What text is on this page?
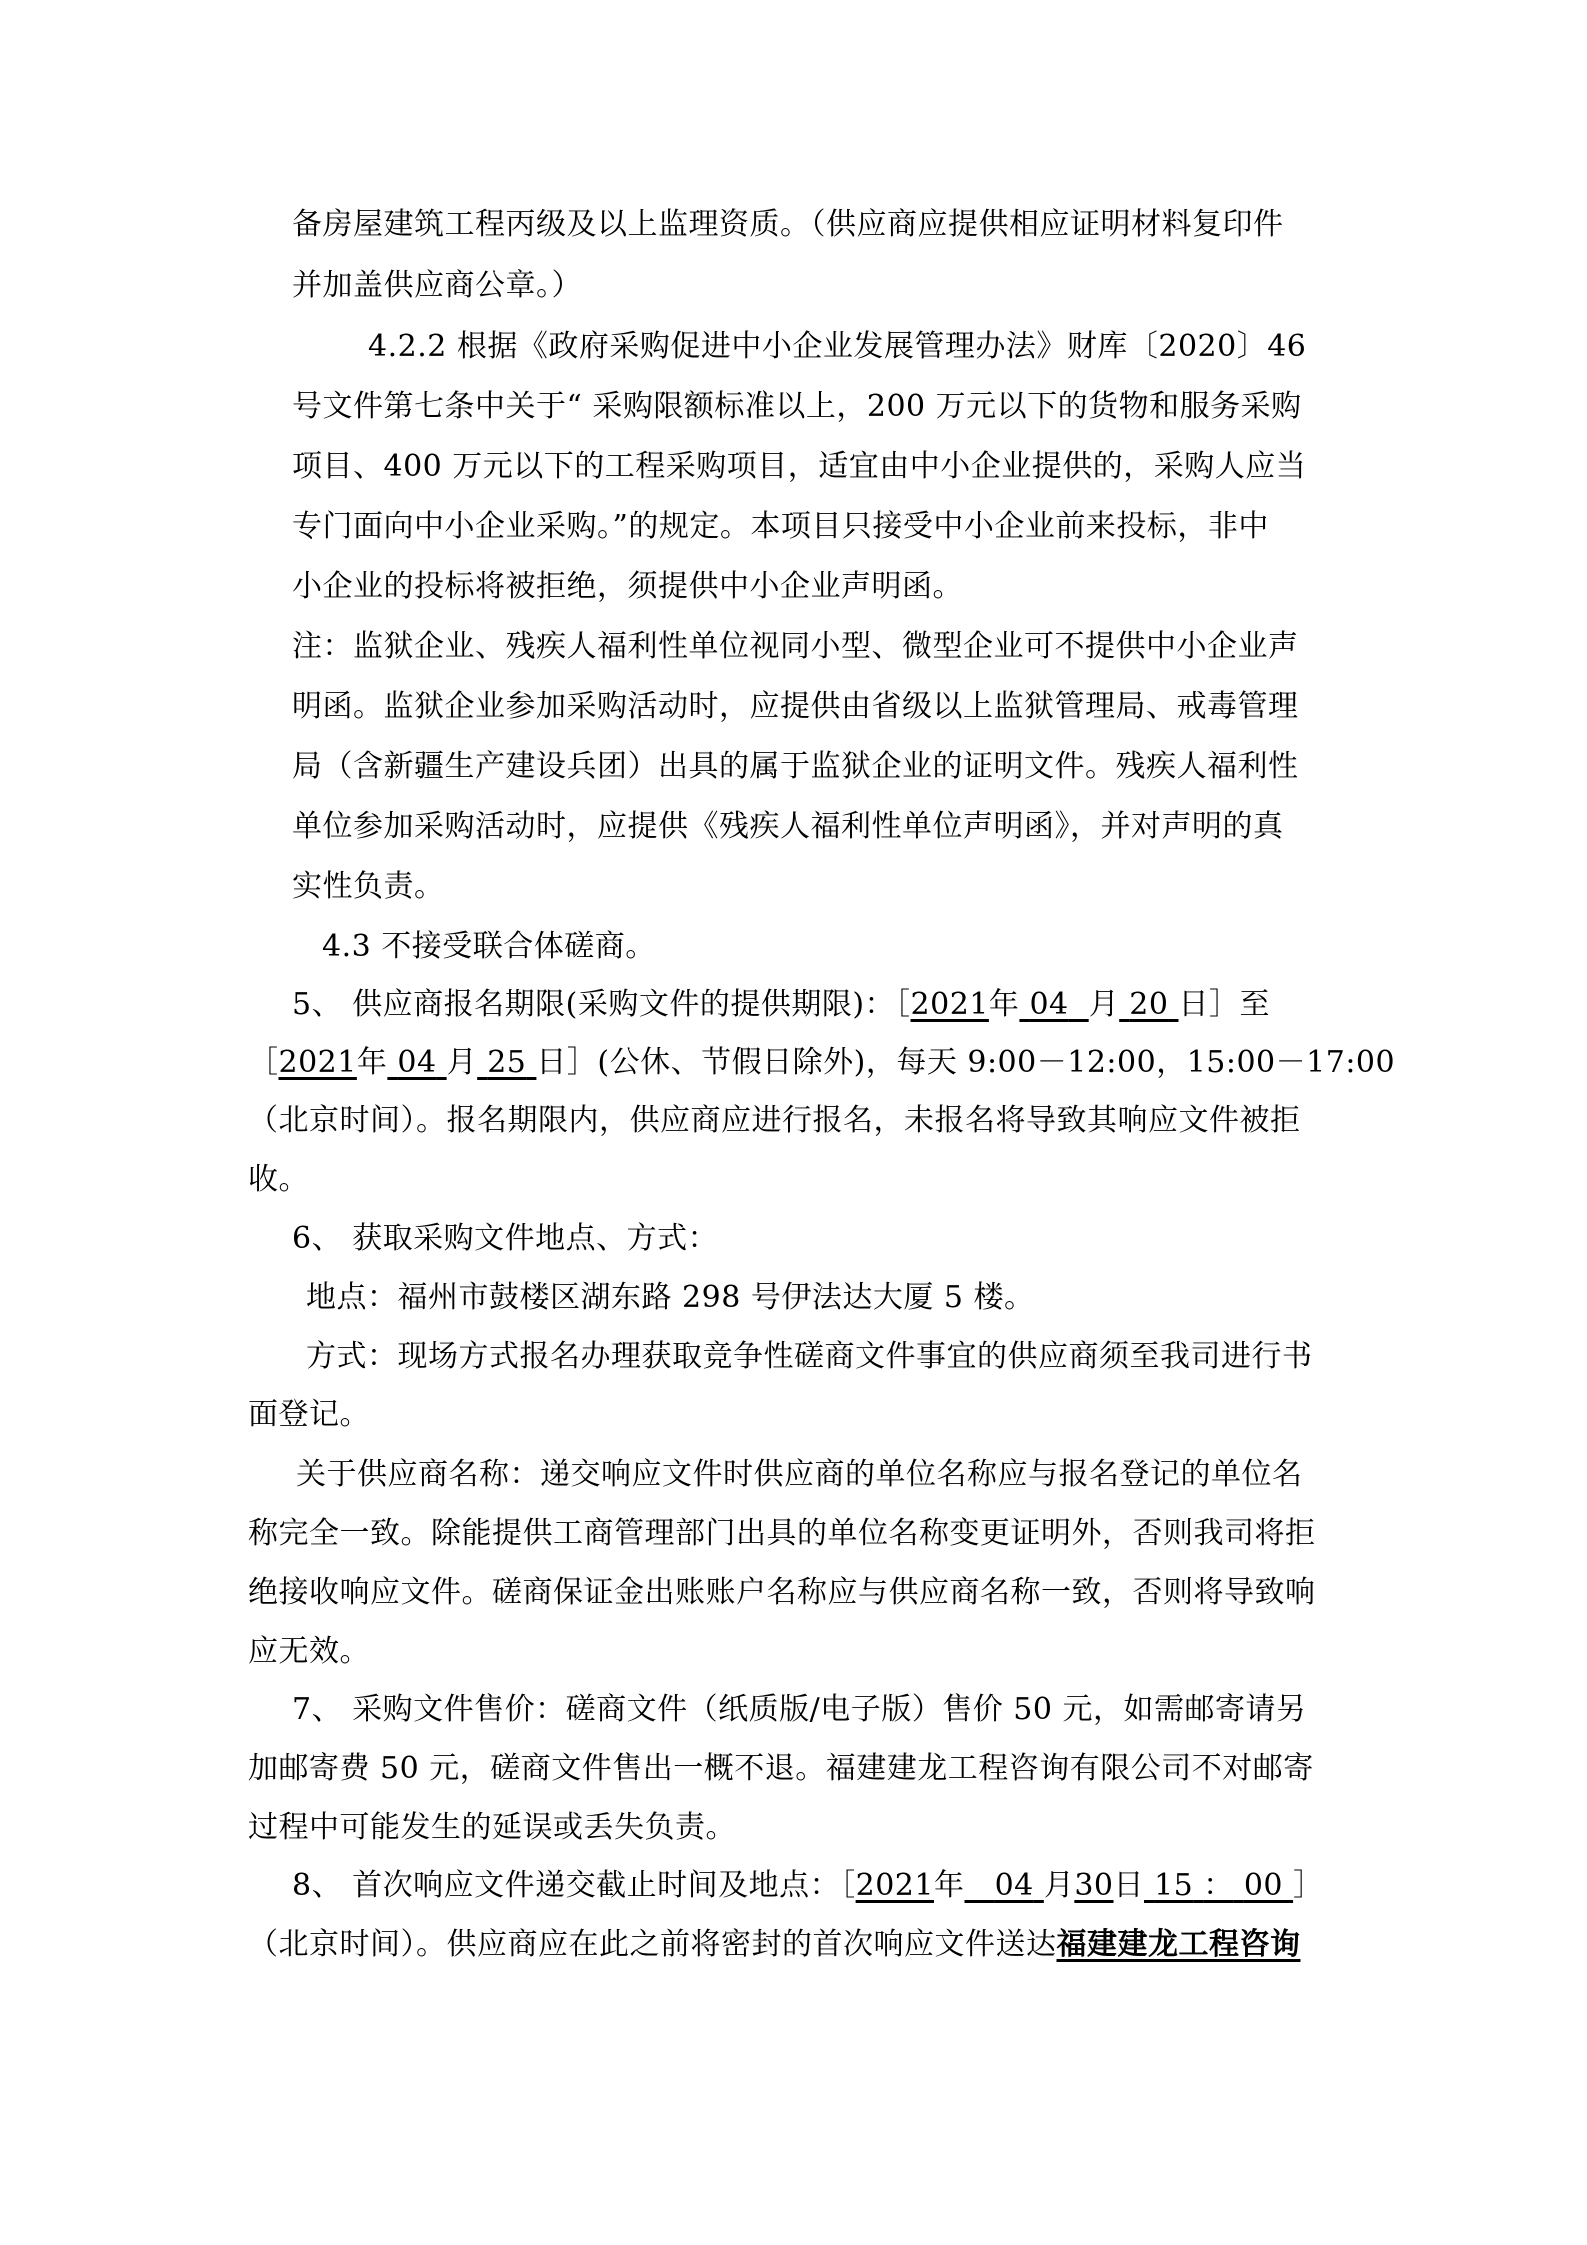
备房屋建筑工程丙级及以上监理资质。（供应商应提供相应证明材料复印件

并加盖供应商公章。）

4.2.2 根据《政府采购促进中小企业发展管理办法》财库〔2020〕46

号文件第七条中关于“ 采购限额标准以上，200 万元以下的货物和服务采购

项目、400 万元以下的工程采购项目，适宜由中小企业提供的，采购人应当

专门面向中小企业采购。”的规定。本项目只接受中小企业前来投标，非中

小企业的投标将被拒绝，须提供中小企业声明函。

注：监狱企业、残疾人福利性单位视同小型、微型企业可不提供中小企业声

明函。监狱企业参加采购活动时，应提供由省级以上监狱管理局、戒毒管理

局（含新疆生产建设兵团）出具的属于监狱企业的证明文件。残疾人福利性

单位参加采购活动时，应提供《残疾人福利性单位声明函》，并对声明的真

实性负责。

4.3 不接受联合体磋商。

5、 供应商报名期限(采购文件的提供期限)：［2021年 04 月 20 日］至

［2021年 04 月 25 日］(公休、节假日除外)，每天 9:00－12:00，15:00－17:00

（北京时间）。报名期限内，供应商应进行报名，未报名将导致其响应文件被拒

收。

6、 获取采购文件地点、方式：

地点：福州市鼓楼区湖东路 298 号伊法达大厦 5 楼。

方式：现场方式报名办理获取竞争性磋商文件事宜的供应商须至我司进行书

面登记。

关于供应商名称：递交响应文件时供应商的单位名称应与报名登记的单位名

称完全一致。除能提供工商管理部门出具的单位名称变更证明外，否则我司将拒

绝接收响应文件。磋商保证金出账账户名称应与供应商名称一致，否则将导致响

应无效。

7、 采购文件售价：磋商文件（纸质版/电子版）售价 50 元，如需邮寄请另

加邮寄费 50 元，磋商文件售出一概不退。福建建龙工程咨询有限公司不对邮寄

过程中可能发生的延误或丢失负责。

8、 首次响应文件递交截止时间及地点：［2021年 04 月30日 15 ： 00 ］

（北京时间）。供应商应在此之前将密封的首次响应文件送达福建建龙工程咨询
